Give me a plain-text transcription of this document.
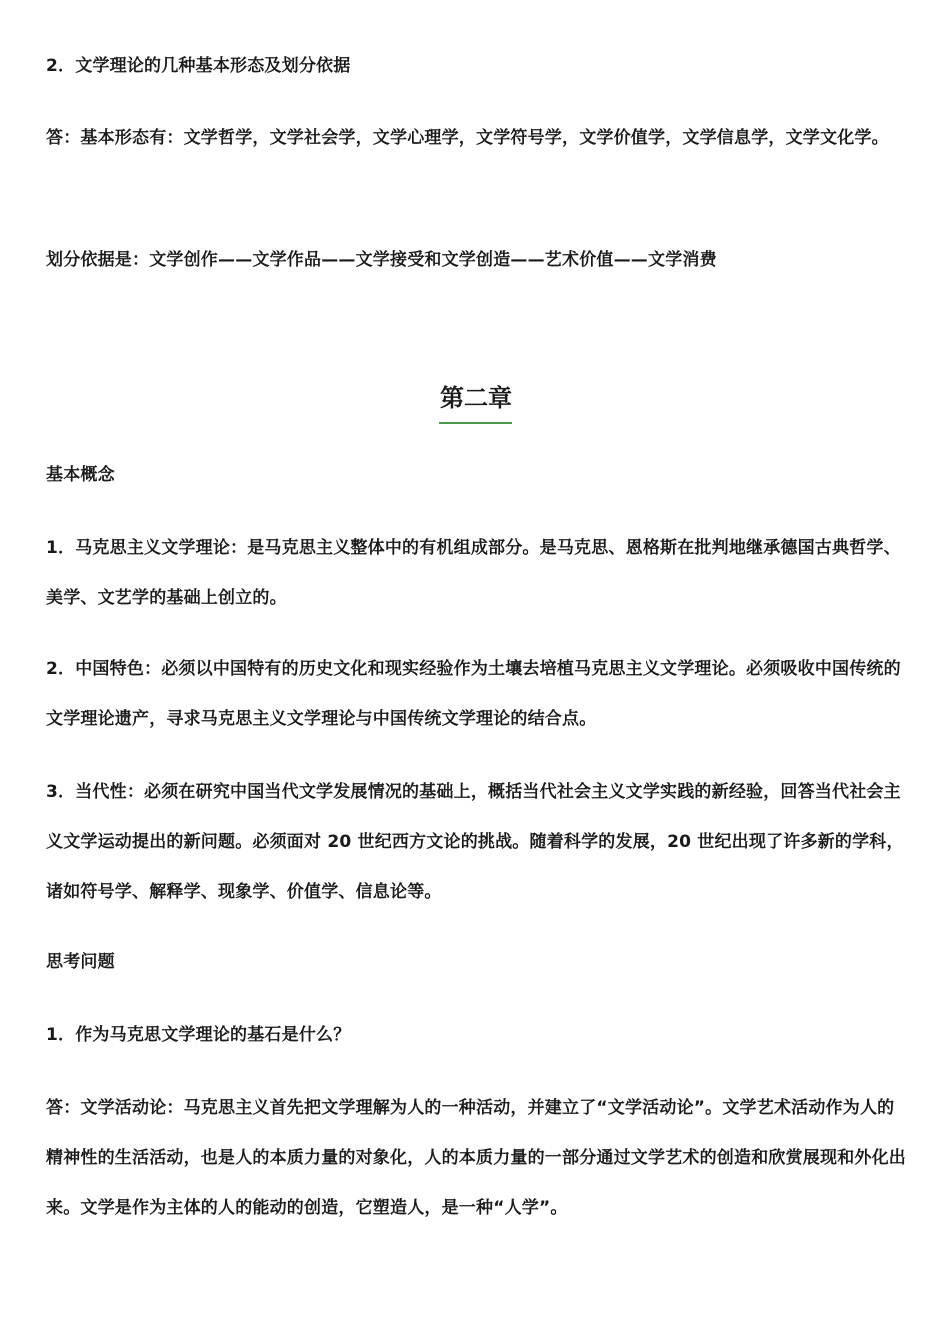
2．文学理论的几种基本形态及划分依据

答：基本形态有：文学哲学，文学社会学，文学心理学，文学符号学，文学价值学，文学信息学，文学文化学。

划分依据是：文学创作——文学作品——文学接受和文学创造——艺术价值——文学消费

第二章

基本概念

1．马克思主义文学理论：是马克思主义整体中的有机组成部分。是马克思、恩格斯在批判地继承德国古典哲学、美学、文艺学的基础上创立的。

2．中国特色：必须以中国特有的历史文化和现实经验作为土壤去培植马克思主义文学理论。必须吸收中国传统的文学理论遗产，寻求马克思主义文学理论与中国传统文学理论的结合点。

3．当代性：必须在研究中国当代文学发展情况的基础上，概括当代社会主义文学实践的新经验，回答当代社会主义文学运动提出的新问题。必须面对 20 世纪西方文论的挑战。随着科学的发展，20 世纪出现了许多新的学科，诸如符号学、解释学、现象学、价值学、信息论等。

思考问题

1．作为马克思文学理论的基石是什么？

答：文学活动论：马克思主义首先把文学理解为人的一种活动，并建立了“文学活动论”。文学艺术活动作为人的精神性的生活活动，也是人的本质力量的对象化，人的本质力量的一部分通过文学艺术的创造和欣赏展现和外化出来。文学是作为主体的人的能动的创造，它塑造人，是一种“人学”。
